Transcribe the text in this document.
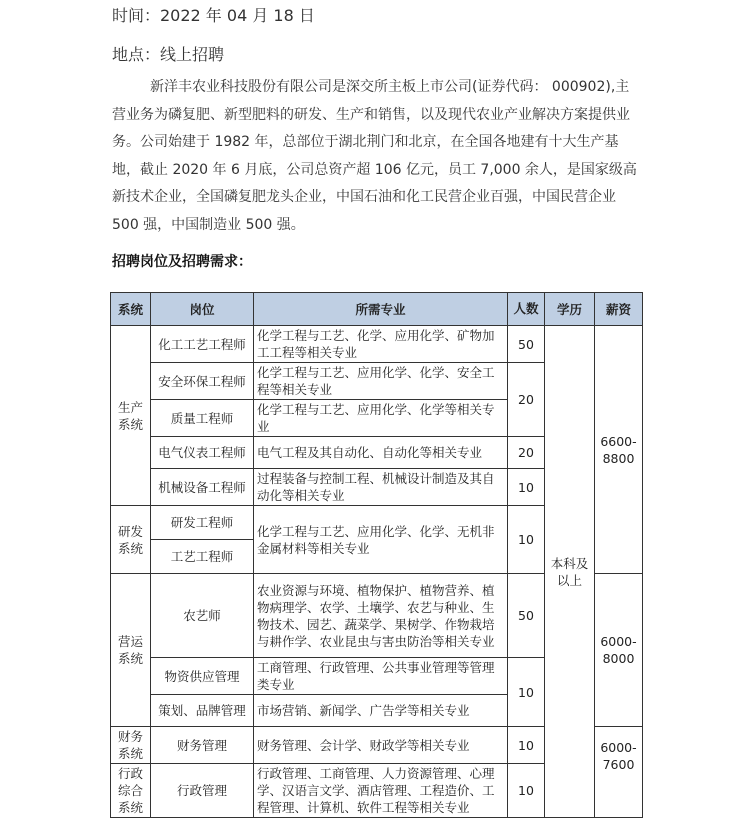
时间：2022 年 04 月 18 日
地点：线上招聘
新洋丰农业科技股份有限公司是深交所主板上市公司(证券代码： 000902),主营业务为磷复肥、新型肥料的研发、生产和销售，以及现代农业产业解决方案提供业务。公司始建于 1982 年，总部位于湖北荆门和北京，在全国各地建有十大生产基地，截止 2020 年 6 月底，公司总资产超 106 亿元，员工 7,000 余人，是国家级高新技术企业，全国磷复肥龙头企业，中国石油和化工民营企业百强，中国民营企业 500 强，中国制造业 500 强。
招聘岗位及招聘需求：
系统	岗位	所需专业	人数	学历	薪资
生产系统	化工工艺工程师	化学工程与工艺、化学、应用化学、矿物加工工程等相关专业	50	本科及以上	6600-8800
	安全环保工程师	化学工程与工艺、应用化学、化学、安全工程等相关专业	20		
	质量工程师	化学工程与工艺、应用化学、化学等相关专业			
	电气仪表工程师	电气工程及其自动化、自动化等相关专业	20		
	机械设备工程师	过程装备与控制工程、机械设计制造及其自动化等相关专业	10		
研发系统	研发工程师	化学工程与工艺、应用化学、化学、无机非金属材料等相关专业	10		
	工艺工程师				
营运系统	农艺师	农业资源与环境、植物保护、植物营养、植物病理学、农学、土壤学、农艺与种业、生物技术、园艺、蔬菜学、果树学、作物栽培与耕作学、农业昆虫与害虫防治等相关专业	50		6000-8000
	物资供应管理	工商管理、行政管理、公共事业管理等管理类专业	10		
	策划、品牌管理	市场营销、新闻学、广告学等相关专业			
财务系统	财务管理	财务管理、会计学、财政学等相关专业	10		6000-7600
行政综合系统	行政管理	行政管理、工商管理、人力资源管理、心理学、汉语言文学、酒店管理、工程造价、工程管理、计算机、软件工程等相关专业	10		
